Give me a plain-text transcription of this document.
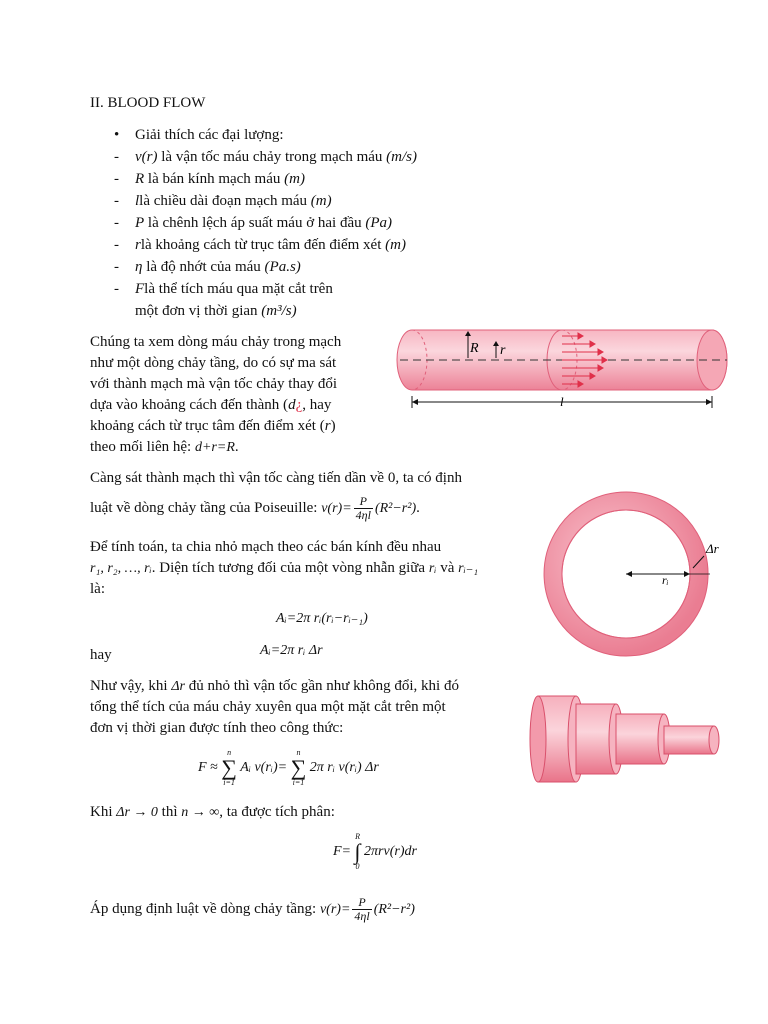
II. BLOOD FLOW
•	Giải thích các đại lượng:
-	v(r) là vận tốc máu chảy trong mạch máu (m/s)
-	R là bán kính mạch máu (m)
-	llà chiều dài đoạn mạch máu (m)
-	P là chênh lệch áp suất máu ở hai đầu (Pa)
-	rlà khoảng cách từ trục tâm đến điểm xét (m)
-	η là độ nhớt của máu (Pa.s)
-	Flà thể tích máu qua mặt cắt trên
một đơn vị thời gian (m³/s)
Chúng ta xem dòng máu chảy trong mạch
như một dòng chảy tầng, do có sự ma sát
với thành mạch mà vận tốc chảy thay đổi
dựa vào khoảng cách đến thành (d¿, hay
khoảng cách từ trục tâm đến điểm xét (r)
theo mối liên hệ: d+r=R.
R r
l
Càng sát thành mạch thì vận tốc càng tiến dần về 0, ta có định
luật về dòng chảy tầng của Poiseuille: $v(r)= \frac{P}{4\eta l} (R^2-r^2)$.
Δr
rᵢ
Để tính toán, ta chia nhỏ mạch theo các bán kính đều nhau
r₁, r₂, …, rᵢ. Diện tích tương đối của một vòng nhẫn giữa rᵢ và rᵢ₋₁
là:
Aᵢ=2π rᵢ(rᵢ−rᵢ₋₁)
hay	Aᵢ=2π rᵢ Δr
Như vậy, khi Δr đủ nhỏ thì vận tốc gần như không đổi, khi đó
tổng thể tích của máu chảy xuyên qua một mặt cắt trên một
đơn vị thời gian được tính theo công thức:
F ≈
n
∑
i=1
Aᵢ v(rᵢ)=
n
∑
i=1
2π rᵢ v(rᵢ) Δr
Khi Δr → 0 thì n → ∞, ta được tích phân:
F=
R
∫
0
2πrv(r)dr
Áp dụng định luật về dòng chảy tầng: $v(r)= \frac{P}{4\eta l} (R^2-r^2)$
